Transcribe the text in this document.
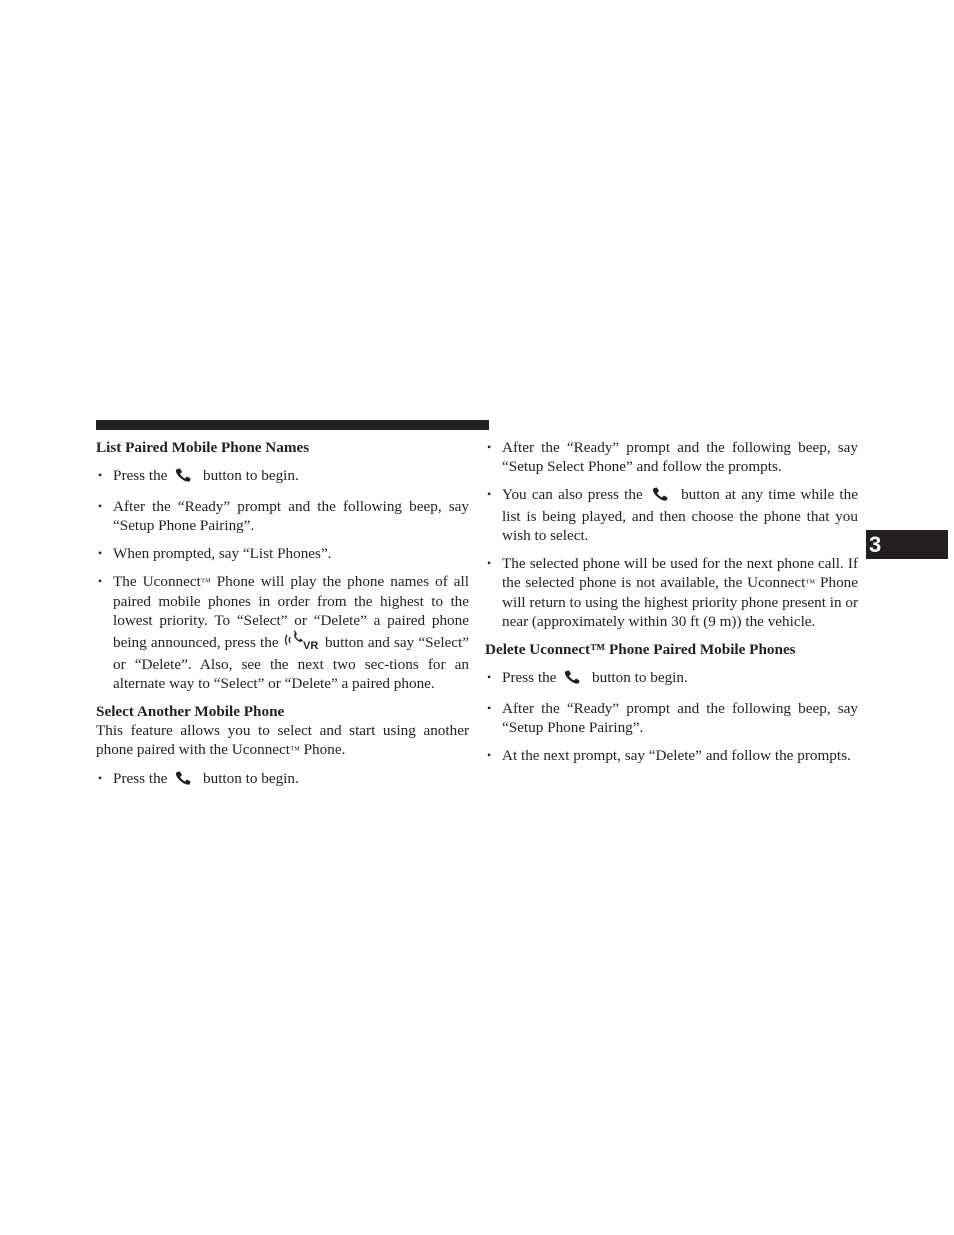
List Paired Mobile Phone Names
• Press the button to begin.
• After the “Ready” prompt and the following beep, say “Setup Phone Pairing”.
• When prompted, say “List Phones”.
• The Uconnect™ Phone will play the phone names of all paired mobile phones in order from the highest to the lowest priority. To “Select” or “Delete” a paired phone being announced, press the VR button and say “Select” or “Delete”. Also, see the next two sec-tions for an alternate way to “Select” or “Delete” a paired phone.
Select Another Mobile Phone

This feature allows you to select and start using another phone paired with the Uconnect™ Phone.

• Press the button to begin.
• After the “Ready” prompt and the following beep, say “Setup Select Phone” and follow the prompts.
• You can also press the	button at any time while the list is being played, and then choose the phone that you wish to select.
• The selected phone will be used for the next phone call. If the selected phone is not available, the Uconnect™ Phone will return to using the highest priority phone present in or near (approximately within 30 ft (9 m)) the vehicle.
Delete Uconnect™ Phone Paired Mobile Phones
• Press the button to begin.
• After the “Ready” prompt and the following beep, say “Setup Phone Pairing”.
• At the next prompt, say “Delete” and follow the prompts.
3
